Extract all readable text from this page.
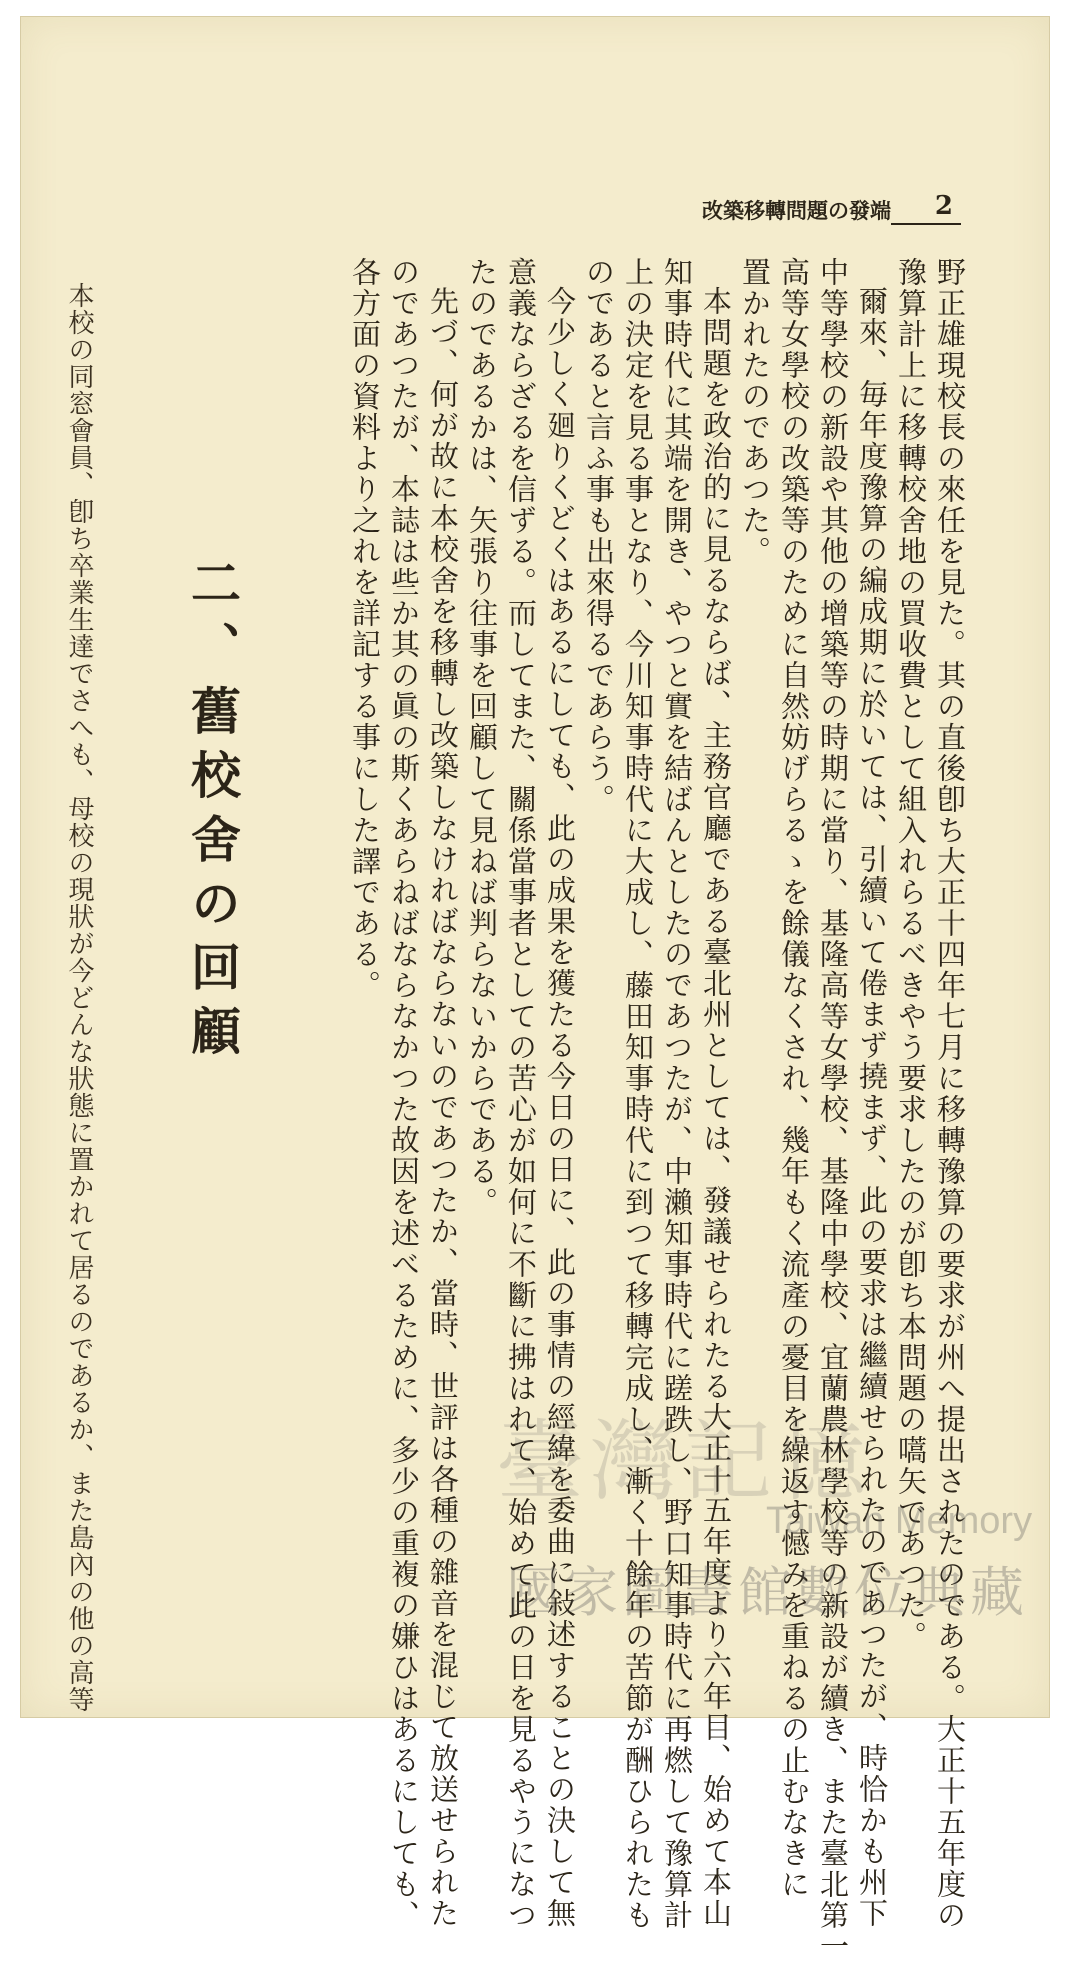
改築移轉問題の發端 2
野正雄現校長の來任を見た。其の直後卽ち大正十四年七月に移轉豫算の要求が州へ提出されたのである。大正十五年度の
豫算計上に移轉校舍地の買收費として組入れらるべきやう要求したのが卽ち本問題の嚆矢であつた。
爾來、毎年度豫算の編成期に於いては、引續いて倦まず撓まず、此の要求は繼續せられたのであつたが、時恰かも州下
中等學校の新設や其他の增築等の時期に當り、基隆高等女學校、基隆中學校、宜蘭農林學校等の新設が續き、また臺北第一
高等女學校の改築等のために自然妨げらるゝを餘儀なくされ、幾年もく流產の憂目を繰返す憾みを重ねるの止むなきに
置かれたのであつた。
本問題を政治的に見るならば、主務官廳である臺北州としては、發議せられたる大正十五年度より六年目、始めて本山
知事時代に其端を開き、やつと實を結ばんとしたのであつたが、中瀨知事時代に蹉跌し、野口知事時代に再燃して豫算計
上の決定を見る事となり、今川知事時代に大成し、藤田知事時代に到つて移轉完成し、漸く十餘年の苦節が酬ひられたも
のであると言ふ事も出來得るであらう。
今少しく廻りくどくはあるにしても、此の成果を獲たる今日の日に、此の事情の經緯を委曲に敍述することの決して無
意義ならざるを信ずる。而してまた、關係當事者としての苦心が如何に不斷に拂はれて、始めて此の日を見るやうになつ
たのであるかは、矢張り往事を回顧して見ねば判らないからである。
先づ、何が故に本校舍を移轉し改築しなければならないのであつたか、當時、世評は各種の雜音を混じて放送せられた
のであつたが、本誌は些か其の眞の斯くあらねばならなかつた故因を述べるために、多少の重複の嫌ひはあるにしても、
各方面の資料より之れを詳記する事にした譯である。
二、舊校舍の回顧
本校の同窓會員、卽ち卒業生達でさへも、母校の現狀が今どんな狀態に置かれて居るのであるか、また島內の他の高等	臺灣記憶
Taiwan Memory
國家圖書館數位典藏
